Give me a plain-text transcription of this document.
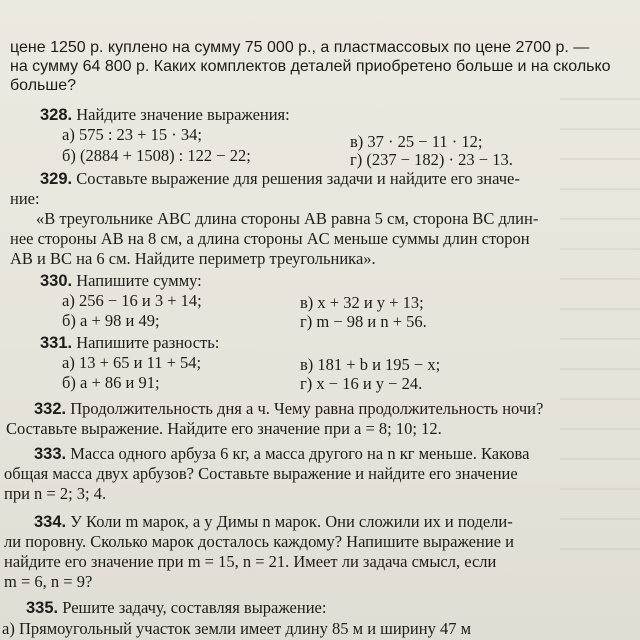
цене 1250 р. куплено на сумму 75 000 р., а пластмассовых по цене 2700 р. —
на сумму 64 800 р. Каких комплектов деталей приобретено больше и на сколько
больше?
328. Найдите значение выражения:
а) 575 : 23 + 15 · 34;	в) 37 · 25 − 11 · 12;
б) (2884 + 1508) : 122 − 22;	г) (237 − 182) · 23 − 13.
329. Составьте выражение для решения задачи и найдите его значе-
ние:
«В треугольнике ABC длина стороны AB равна 5 см, сторона BC длин-
нее стороны AB на 8 см, а длина стороны AC меньше суммы длин сторон
AB и BC на 6 см. Найдите периметр треугольника».
330. Напишите сумму:
а) 256 − 16 и 3 + 14;	в) x + 32 и y + 13;
б) a + 98 и 49;	г) m − 98 и n + 56.
331. Напишите разность:
а) 13 + 65 и 11 + 54;	в) 181 + b и 195 − x;
б) a + 86 и 91;	г) x − 16 и y − 24.
332. Продолжительность дня a ч. Чему равна продолжительность ночи?
Составьте выражение. Найдите его значение при a = 8; 10; 12.
333. Масса одного арбуза 6 кг, а масса другого на n кг меньше. Какова
общая масса двух арбузов? Составьте выражение и найдите его значение
при n = 2; 3; 4.
334. У Коли m марок, а у Димы n марок. Они сложили их и подели-
ли поровну. Сколько марок досталось каждому? Напишите выражение и
найдите его значение при m = 15, n = 21. Имеет ли задача смысл, если
m = 6, n = 9?
335. Решите задачу, составляя выражение:
а) Прямоугольный участок земли имеет длину 85 м и ширину 47 м
